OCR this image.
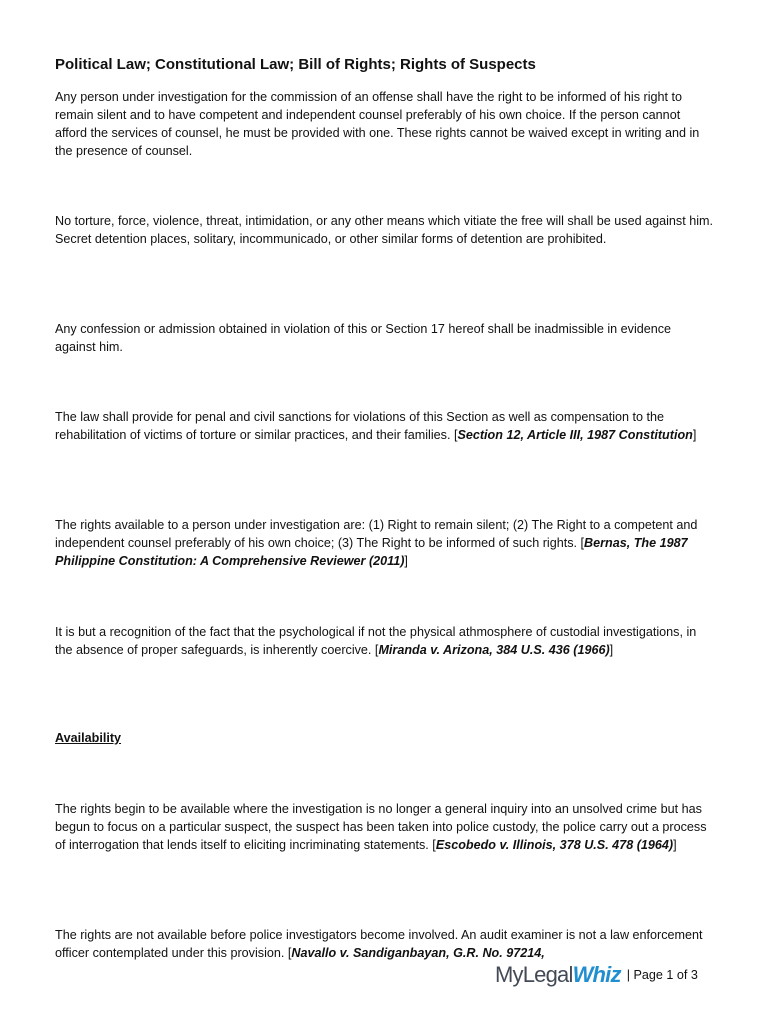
Political Law; Constitutional Law; Bill of Rights; Rights of Suspects

Any person under investigation for the commission of an offense shall have the right to be informed of his right to remain silent and to have competent and independent counsel preferably of his own choice. If the person cannot afford the services of counsel, he must be provided with one. These rights cannot be waived except in writing and in the presence of counsel.

No torture, force, violence, threat, intimidation, or any other means which vitiate the free will shall be used against him. Secret detention places, solitary, incommunicado, or other similar forms of detention are prohibited.

Any confession or admission obtained in violation of this or Section 17 hereof shall be inadmissible in evidence against him.

The law shall provide for penal and civil sanctions for violations of this Section as well as compensation to the rehabilitation of victims of torture or similar practices, and their families. [Section 12, Article III, 1987 Constitution]

The rights available to a person under investigation are: (1) Right to remain silent; (2) The Right to a competent and independent counsel preferably of his own choice; (3) The Right to be informed of such rights. [Bernas, The 1987 Philippine Constitution: A Comprehensive Reviewer (2011)]

It is but a recognition of the fact that the psychological if not the physical athmosphere of custodial investigations, in the absence of proper safeguards, is inherently coercive. [Miranda v. Arizona, 384 U.S. 436 (1966)]

Availability

The rights begin to be available where the investigation is no longer a general inquiry into an unsolved crime but has begun to focus on a particular suspect, the suspect has been taken into police custody, the police carry out a process of interrogation that lends itself to eliciting incriminating statements. [Escobedo v. Illinois, 378 U.S. 478 (1964)]

The rights are not available before police investigators become involved. An audit examiner is not a law enforcement officer contemplated under this provision. [Navallo v. Sandiganbayan, G.R. No. 97214,

MyLegalWhiz | Page 1 of 3
